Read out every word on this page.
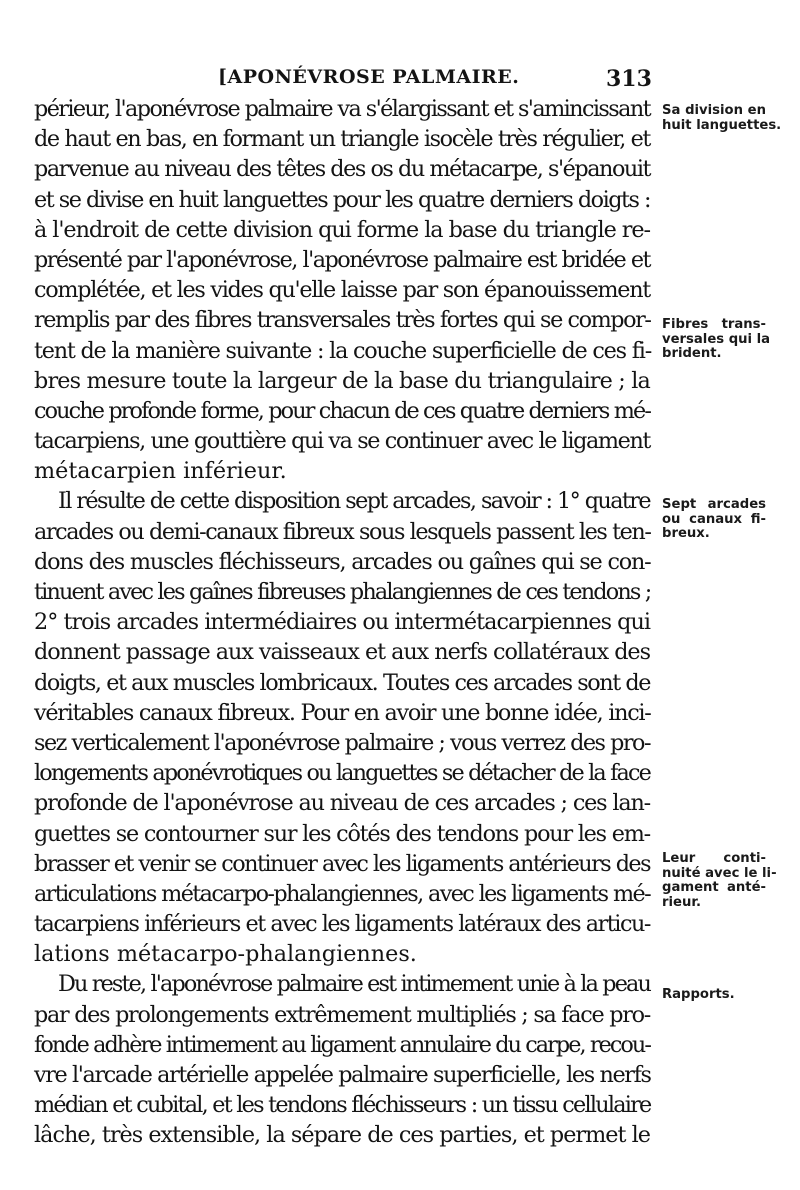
[APONÉVROSE PALMAIRE.	313
périeur, l'aponévrose palmaire va s'élargissant et s'amincissant
de haut en bas, en formant un triangle isocèle très régulier, et
parvenue au niveau des têtes des os du métacarpe, s'épanouit
et se divise en huit languettes pour les quatre derniers doigts :
à l'endroit de cette division qui forme la base du triangle re-
présenté par l'aponévrose, l'aponévrose palmaire est bridée et
complétée, et les vides qu'elle laisse par son épanouissement
remplis par des fibres transversales très fortes qui se compor-
tent de la manière suivante : la couche superficielle de ces fi-
bres mesure toute la largeur de la base du triangulaire ; la
couche profonde forme, pour chacun de ces quatre derniers mé-
tacarpiens, une gouttière qui va se continuer avec le ligament
métacarpien inférieur.
Il résulte de cette disposition sept arcades, savoir : 1° quatre
arcades ou demi-canaux fibreux sous lesquels passent les ten-
dons des muscles fléchisseurs, arcades ou gaînes qui se con-
tinuent avec les gaînes fibreuses phalangiennes de ces tendons ;
2° trois arcades intermédiaires ou intermétacarpiennes qui
donnent passage aux vaisseaux et aux nerfs collatéraux des
doigts, et aux muscles lombricaux. Toutes ces arcades sont de
véritables canaux fibreux. Pour en avoir une bonne idée, inci-
sez verticalement l'aponévrose palmaire ; vous verrez des pro-
longements aponévrotiques ou languettes se détacher de la face
profonde de l'aponévrose au niveau de ces arcades ; ces lan-
guettes se contourner sur les côtés des tendons pour les em-
brasser et venir se continuer avec les ligaments antérieurs des
articulations métacarpo-phalangiennes, avec les ligaments mé-
tacarpiens inférieurs et avec les ligaments latéraux des articu-
lations métacarpo-phalangiennes.
Du reste, l'aponévrose palmaire est intimement unie à la peau
par des prolongements extrêmement multipliés ; sa face pro-
fonde adhère intimement au ligament annulaire du carpe, recou-
vre l'arcade artérielle appelée palmaire superficielle, les nerfs
médian et cubital, et les tendons fléchisseurs : un tissu cellulaire
lâche, très extensible, la sépare de ces parties, et permet le
Sa division en
huit languettes.
Fibres trans-
versales qui la
brident.
Sept arcades
ou canaux fi-
breux.
Leur conti-
nuité avec le li-
gament anté-
rieur.
Rapports.
